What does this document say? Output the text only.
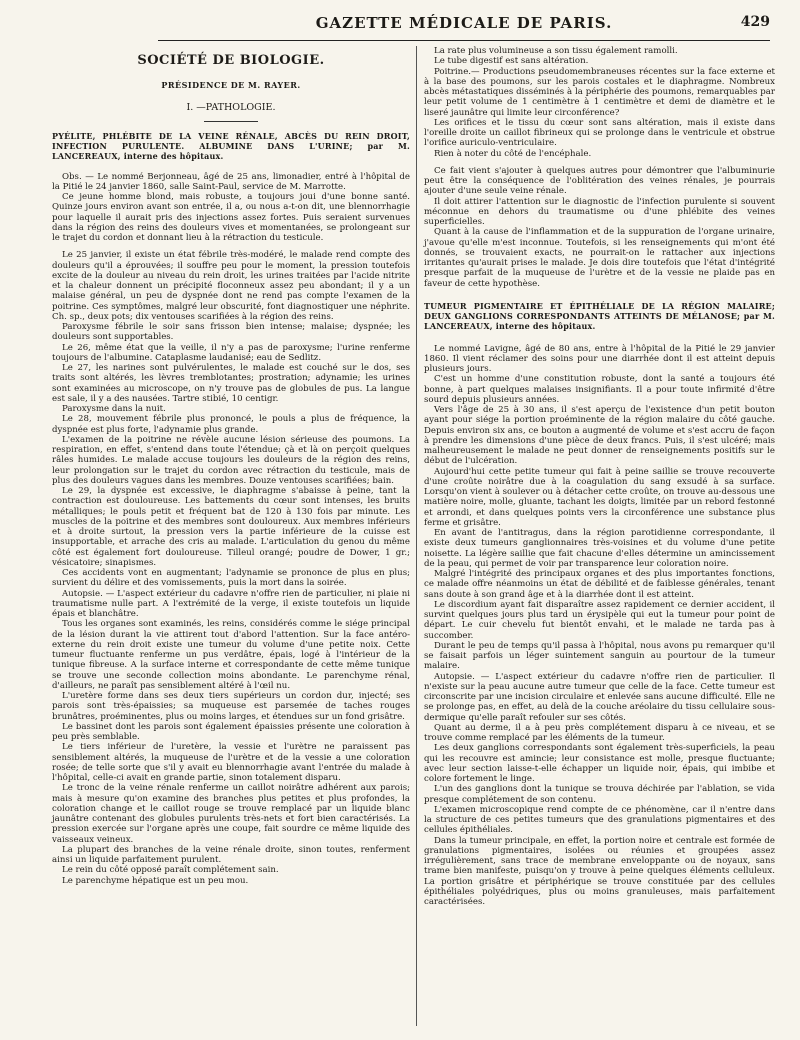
GAZETTE MÉDICALE DE PARIS.	429
SOCIÉTÉ DE BIOLOGIE.
PRÉSIDENCE DE M. RAYER.
I. —PATHOLOGIE.

PYÉLITE, PHLÉBITE DE LA VEINE RÉNALE, ABCÈS DU REIN DROIT, INFECTION PURULENTE. ALBUMINE DANS L'URINE; par M. LANCEREAUX, interne des hôpitaux.

Obs. — Le nommé Berjonneau, âgé de 25 ans, limonadier, entré à l'hôpital de la Pitié le 24 janvier 1860, salle Saint-Paul, service de M. Marrotte.

Ce jeune homme blond, mais robuste, a toujours joui d'une bonne santé. Quinze jours environ avant son entrée, il a, ou nous a-t-on dit, une blennorrhagie pour laquelle il aurait pris des injections assez fortes. Puis seraient survenues dans la région des reins des douleurs vives et momentanées, se prolongeant sur le trajet du cordon et donnant lieu à la rétraction du testicule.

Le 25 janvier, il existe un état fébrile très-modéré, le malade rend compte des douleurs qu'il a éprouvées; il souffre peu pour le moment, la pression toutefois excite de la douleur au niveau du rein droit, les urines traitées par l'acide nitrite et la chaleur donnent un précipité floconneux assez peu abondant; il y a un malaise général, un peu de dyspnée dont ne rend pas compte l'examen de la poitrine. Ces symptômes, malgré leur obscurité, font diagnostiquer une néphrite. Ch. sp., deux pots; dix ventouses scarifiées à la région des reins.

Paroxysme fébrile le soir sans frisson bien intense; malaise; dyspnée; les douleurs sont supportables.

Le 26, même état que la veille, il n'y a pas de paroxysme; l'urine renferme toujours de l'albumine. Cataplasme laudanisé; eau de Sedlitz.

Le 27, les narines sont pulvérulentes, le malade est couché sur le dos, ses traits sont altérés, les lèvres tremblotantes; prostration; adynamie; les urines sont examinées au microscope, on n'y trouve pas de globules de pus. La langue est sale, il y a des nausées. Tartre stibié, 10 centigr.

Paroxysme dans la nuit.

Le 28, mouvement fébrile plus prononcé, le pouls a plus de fréquence, la dyspnée est plus forte, l'adynamie plus grande.

L'examen de la poitrine ne révèle aucune lésion sérieuse des poumons. La respiration, en effet, s'entend dans toute l'étendue; çà et là on perçoit quelques râles humides. Le malade accuse toujours les douleurs de la région des reins, leur prolongation sur le trajet du cordon avec rétraction du testicule, mais de plus des douleurs vagues dans les membres. Douze ventouses scarifiées; bain.

Le 29, la dyspnée est excessive, le diaphragme s'abaisse à peine, tant la contraction est douloureuse. Les battements du cœur sont intenses, les bruits métalliques; le pouls petit et fréquent bat de 120 à 130 fois par minute. Les muscles de la poitrine et des membres sont douloureux. Aux membres inférieurs et à droite surtout, la pression vers la partie inférieure de la cuisse est insupportable, et arrache des cris au malade. L'articulation du genou du même côté est également fort douloureuse. Tilleul orangé; poudre de Dower, 1 gr.; vésicatoire; sinapismes.

Ces accidents vont en augmentant; l'adynamie se prononce de plus en plus; survient du délire et des vomissements, puis la mort dans la soirée.

Autopsie. — L'aspect extérieur du cadavre n'offre rien de particulier, ni plaie ni traumatisme nulle part. A l'extrémité de la verge, il existe toutefois un liquide épais et blanchâtre.

Tous les organes sont examinés, les reins, considérés comme le siége principal de la lésion durant la vie attirent tout d'abord l'attention. Sur la face antéro-externe du rein droit existe une tumeur du volume d'une petite noix. Cette tumeur fluctuante renferme un pus verdâtre, épais, logé à l'intérieur de la tunique fibreuse. A la surface interne et correspondante de cette même tunique se trouve une seconde collection moins abondante. Le parenchyme rénal, d'ailleurs, ne paraît pas sensiblement altéré à l'œil nu.

L'uretère forme dans ses deux tiers supérieurs un cordon dur, injecté; ses parois sont très-épaissies; sa muqueuse est parsemée de taches rouges brunâtres, proéminentes, plus ou moins larges, et étendues sur un fond grisâtre.

Le bassinet dont les parois sont également épaissies présente une coloration à peu près semblable.

Le tiers inférieur de l'uretère, la vessie et l'urètre ne paraissent pas sensiblement altérés, la muqueuse de l'urètre et de la vessie a une coloration rosée; de telle sorte que s'il y avait eu blennorrhagie avant l'entrée du malade à l'hôpital, celle-ci avait en grande partie, sinon totalement disparu.

Le tronc de la veine rénale renferme un caillot noirâtre adhérent aux parois; mais à mesure qu'on examine des branches plus petites et plus profondes, la coloration change et le caillot rouge se trouve remplacé par un liquide blanc jaunâtre contenant des globules purulents très-nets et fort bien caractérisés. La pression exercée sur l'organe après une coupe, fait sourdre ce même liquide des vaisseaux veineux.

La plupart des branches de la veine rénale droite, sinon toutes, renferment ainsi un liquide parfaitement purulent.

Le rein du côté opposé paraît complétement sain.

Le parenchyme hépatique est un peu mou.

La rate plus volumineuse a son tissu également ramolli.

Le tube digestif est sans altération.

Poitrine.— Productions pseudomembraneuses récentes sur la face externe et à la base des poumons, sur les parois costales et le diaphragme. Nombreux abcès métastatiques disséminés à la périphérie des poumons, remarquables par leur petit volume de 1 centimètre à 1 centimètre et demi de diamètre et le liseré jaunâtre qui limite leur circonférence?

Les orifices et le tissu du cœur sont sans altération, mais il existe dans l'oreille droite un caillot fibrineux qui se prolonge dans le ventricule et obstrue l'orifice auriculo-ventriculaire.

Rien à noter du côté de l'encéphale.

Ce fait vient s'ajouter à quelques autres pour démontrer que l'albuminurie peut être la conséquence de l'oblitération des veines rénales, je pourrais ajouter d'une seule veine rénale.

Il doit attirer l'attention sur le diagnostic de l'infection purulente si souvent méconnue en dehors du traumatisme ou d'une phlébite des veines superficielles.

Quant à la cause de l'inflammation et de la suppuration de l'organe urinaire, j'avoue qu'elle m'est inconnue. Toutefois, si les renseignements qui m'ont été donnés, se trouvaient exacts, ne pourrait-on le rattacher aux injections irritantes qu'aurait prises le malade. Je dois dire toutefois que l'état d'intégrité presque parfait de la muqueuse de l'urètre et de la vessie ne plaide pas en faveur de cette hypothèse.

TUMEUR PIGMENTAIRE ET ÉPITHÉLIALE DE LA RÉGION MALAIRE; DEUX GANGLIONS CORRESPONDANTS ATTEINTS DE MÉLANOSE; par M. LANCEREAUX, interne des hôpitaux.

Le nommé Lavigne, âgé de 80 ans, entre à l'hôpital de la Pitié le 29 janvier 1860. Il vient réclamer des soins pour une diarrhée dont il est atteint depuis plusieurs jours.

C'est un homme d'une constitution robuste, dont la santé a toujours été bonne, à part quelques malaises insignifiants. Il a pour toute infirmité d'être sourd depuis plusieurs années.

Vers l'âge de 25 à 30 ans, il s'est aperçu de l'existence d'un petit bouton ayant pour siége la portion proéminente de la région malaire du côté gauche. Depuis environ six ans, ce bouton a augmenté de volume et s'est accru de façon à prendre les dimensions d'une pièce de deux francs. Puis, il s'est ulcéré; mais malheureusement le malade ne peut donner de renseignements positifs sur le début de l'ulcération.

Aujourd'hui cette petite tumeur qui fait à peine saillie se trouve recouverte d'une croûte noirâtre due à la coagulation du sang exsudé à sa surface. Lorsqu'on vient à soulever ou à détacher cette croûte, on trouve au-dessous une matière noire, molle, gluante, tachant les doigts, limitée par un rebord festonné et arrondi, et dans quelques points vers la circonférence une substance plus ferme et grisâtre.

En avant de l'antitragus, dans la région parotidienne correspondante, il existe deux tumeurs ganglionnaires très-voisines et du volume d'une petite noisette. La légère saillie que fait chacune d'elles détermine un amincissement de la peau, qui permet de voir par transparence leur coloration noire.

Malgré l'intégrité des principaux organes et des plus importantes fonctions, ce malade offre néanmoins un état de débilité et de faiblesse générales, tenant sans doute à son grand âge et à la diarrhée dont il est atteint.

Le discordium ayant fait disparaître assez rapidement ce dernier accident, il survint quelques jours plus tard un érysipèle qui eut la tumeur pour point de départ. Le cuir chevelu fut bientôt envahi, et le malade ne tarda pas à succomber.

Durant le peu de temps qu'il passa à l'hôpital, nous avons pu remarquer qu'il se faisait parfois un léger suintement sanguin au pourtour de la tumeur malaire.

Autopsie. — L'aspect extérieur du cadavre n'offre rien de particulier. Il n'existe sur la peau aucune autre tumeur que celle de la face. Cette tumeur est circonscrite par une incision circulaire et enlevée sans aucune difficulté. Elle ne se prolonge pas, en effet, au delà de la couche aréolaire du tissu cellulaire sous-dermique qu'elle paraît refouler sur ses côtés.

Quant au derme, il a à peu près complétement disparu à ce niveau, et se trouve comme remplacé par les éléments de la tumeur.

Les deux ganglions correspondants sont également très-superficiels, la peau qui les recouvre est amincie; leur consistance est molle, presque fluctuante; avec leur section laisse-t-elle échapper un liquide noir, épais, qui imbibe et colore fortement le linge.

L'un des ganglions dont la tunique se trouva déchirée par l'ablation, se vida presque complétement de son contenu.

L'examen microscopique rend compte de ce phénomène, car il n'entre dans la structure de ces petites tumeurs que des granulations pigmentaires et des cellules épithéliales.

Dans la tumeur principale, en effet, la portion noire et centrale est formée de granulations pigmentaires, isolées ou réunies et groupées assez irrégulièrement, sans trace de membrane enveloppante ou de noyaux, sans trame bien manifeste, puisqu'on y trouve à peine quelques éléments celluleux. La portion grisâtre et périphérique se trouve constituée par des cellules épithéliales polyédriques, plus ou moins granuleuses, mais parfaitement caractérisées.
